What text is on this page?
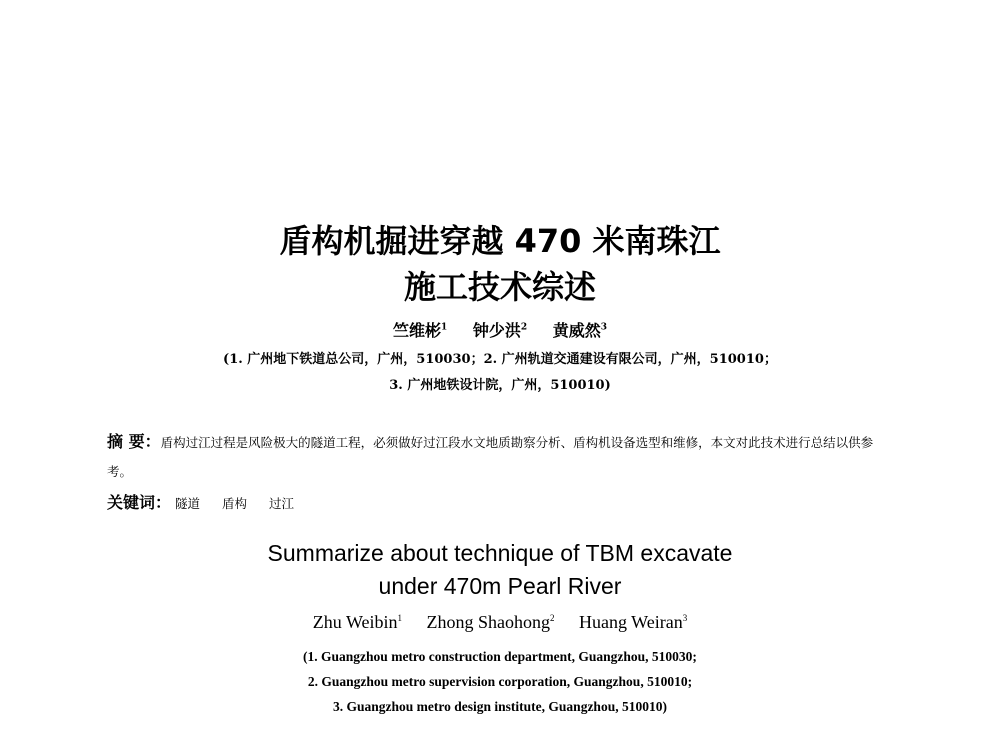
盾构机掘进穿越 470 米南珠江
施工技术综述
竺维彬$^1$ 钟少洪$^2$ 黄威然$^3$
(1. 广州地下铁道总公司，广州，510030；2. 广州轨道交通建设有限公司，广州，510010；
3. 广州地铁设计院，广州，510010)
摘 要：盾构过江过程是风险极大的隧道工程，必须做好过江段水文地质勘察分析、盾构机设备选型和维修，本文对此技术进行总结以供参考。
关键词： 隧道 盾构 过江
Summarize about technique of TBM excavate
under 470m Pearl River
Zhu Weibin$^1$ Zhong Shaohong$^2$ Huang Weiran$^3$
(1. Guangzhou metro construction department, Guangzhou, 510030;
2. Guangzhou metro supervision corporation, Guangzhou, 510010;
3. Guangzhou metro design institute, Guangzhou, 510010)
